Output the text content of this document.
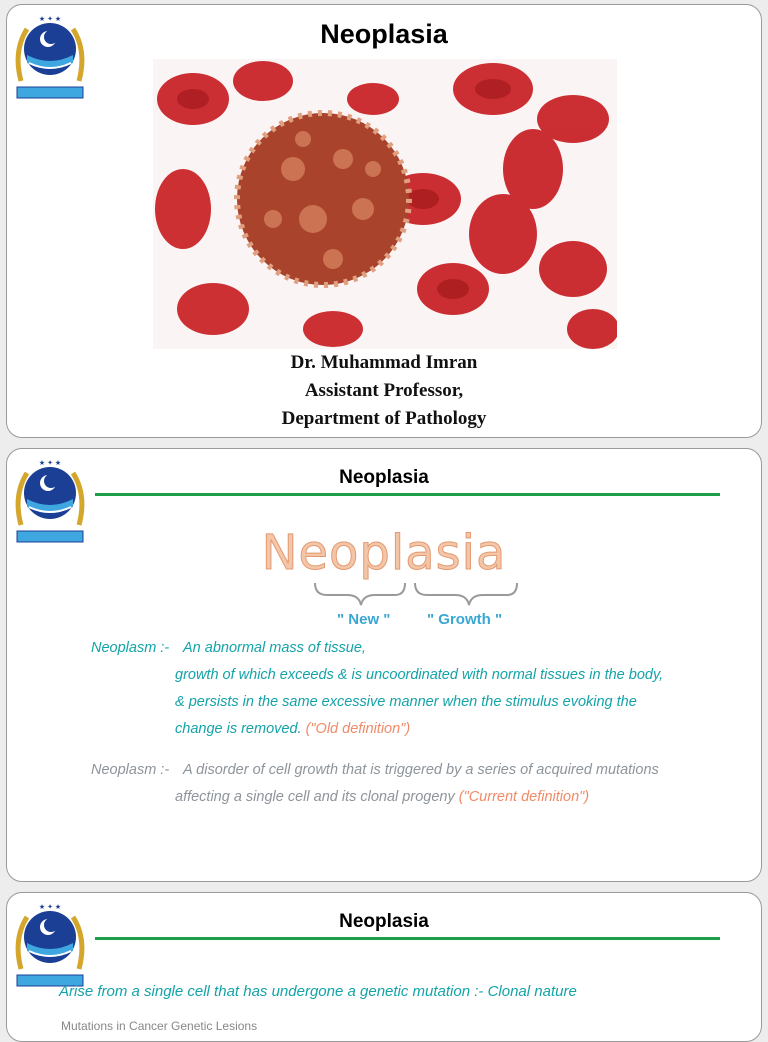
★ ✦ ★	Neoplasia
Dr. Muhammad Imran
Assistant Professor,
Department of Pathology
★ ✦ ★
Neoplasia
Neoplasia
" New " " Growth "
Neoplasm :- An abnormal mass of tissue,
growth of which exceeds & is uncoordinated with normal tissues in the body,
& persists in the same excessive manner when the stimulus evoking the
change is removed. ("Old definition")
Neoplasm :- A disorder of cell growth that is triggered by a series of acquired mutations
affecting a single cell and its clonal progeny ("Current definition")
★ ✦ ★
Neoplasia
Arise from a single cell that has undergone a genetic mutation :- Clonal nature
Mutations in Cancer Genetic Lesions
